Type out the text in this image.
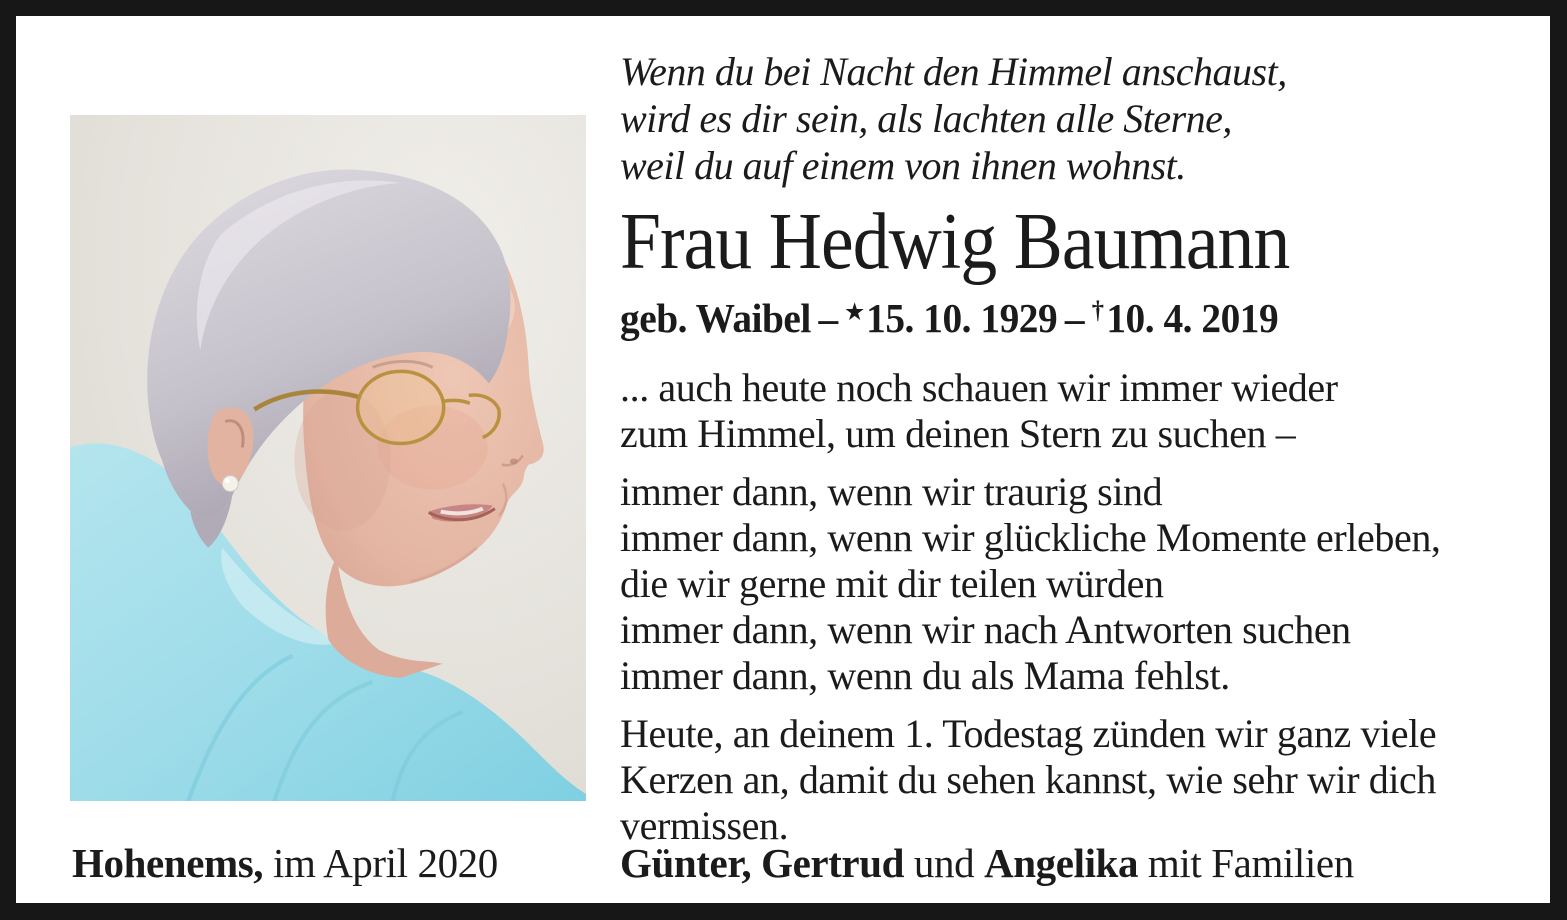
Wenn du bei Nacht den Himmel anschaust,
wird es dir sein, als lachten alle Sterne,
weil du auf einem von ihnen wohnst.
Frau Hedwig Baumann
geb. Waibel – ★15. 10. 1929 – †10. 4. 2019
... auch heute noch schauen wir immer wieder
zum Himmel, um deinen Stern zu suchen –
immer dann, wenn wir traurig sind
immer dann, wenn wir glückliche Momente erleben,
die wir gerne mit dir teilen würden
immer dann, wenn wir nach Antworten suchen
immer dann, wenn du als Mama fehlst.
Heute, an deinem 1. Todestag zünden wir ganz viele
Kerzen an, damit du sehen kannst, wie sehr wir dich
vermissen.
Hohenems, im April 2020	Günter, Gertrud und Angelika mit Familien
